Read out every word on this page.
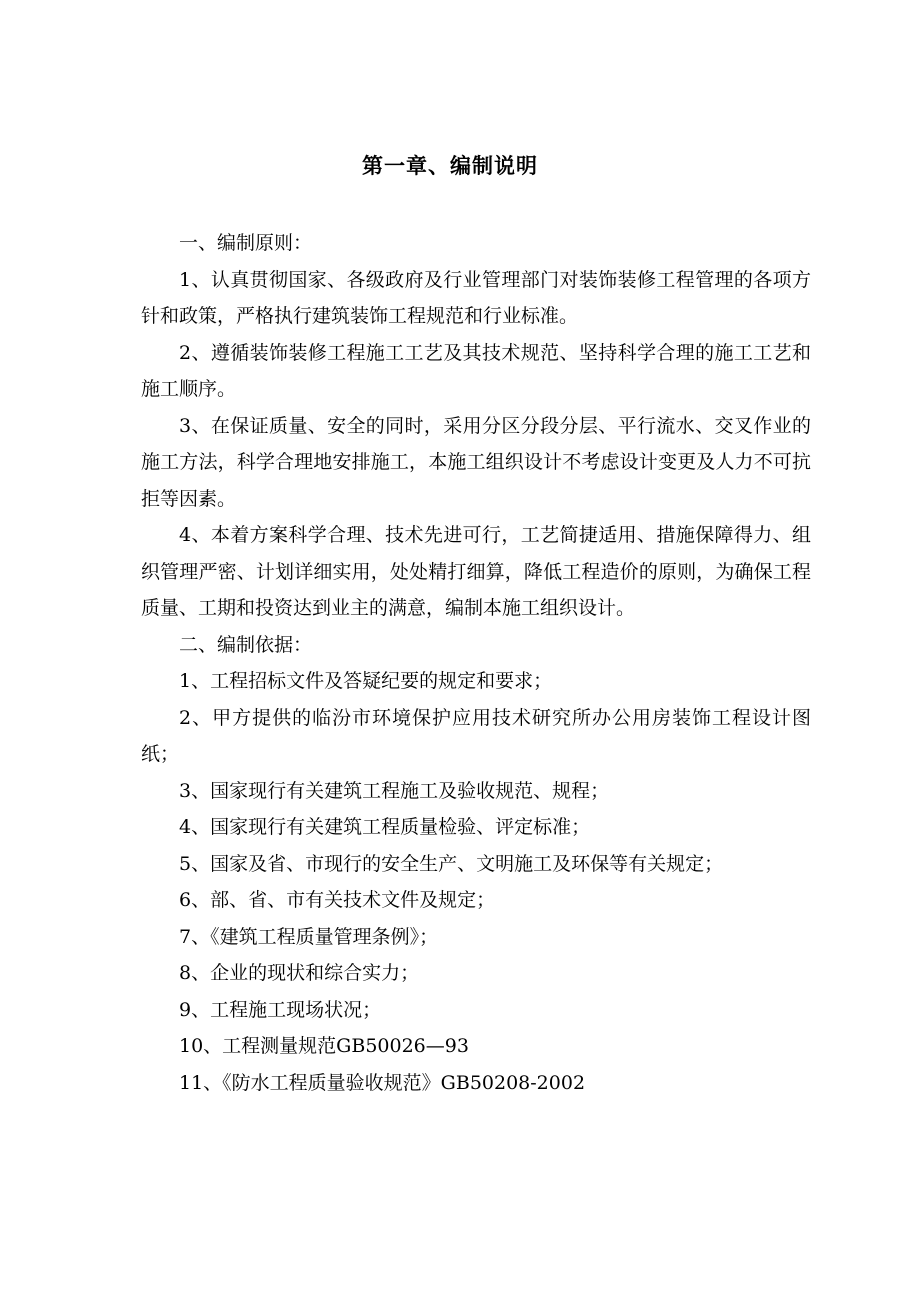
第一章、编制说明

一、编制原则：

1、认真贯彻国家、各级政府及行业管理部门对装饰装修工程管理的各项方针和政策，严格执行建筑装饰工程规范和行业标准。

2、遵循装饰装修工程施工工艺及其技术规范、坚持科学合理的施工工艺和施工顺序。

3、在保证质量、安全的同时，采用分区分段分层、平行流水、交叉作业的施工方法，科学合理地安排施工，本施工组织设计不考虑设计变更及人力不可抗拒等因素。

4、本着方案科学合理、技术先进可行，工艺简捷适用、措施保障得力、组织管理严密、计划详细实用，处处精打细算，降低工程造价的原则，为确保工程质量、工期和投资达到业主的满意，编制本施工组织设计。

二、编制依据：

1、工程招标文件及答疑纪要的规定和要求；

2、甲方提供的临汾市环境保护应用技术研究所办公用房装饰工程设计图纸；

3、国家现行有关建筑工程施工及验收规范、规程；

4、国家现行有关建筑工程质量检验、评定标准；

5、国家及省、市现行的安全生产、文明施工及环保等有关规定；

6、部、省、市有关技术文件及规定；

7、《建筑工程质量管理条例》；

8、企业的现状和综合实力；

9、工程施工现场状况；

10、工程测量规范GB50026—93

11、《防水工程质量验收规范》GB50208-2002
